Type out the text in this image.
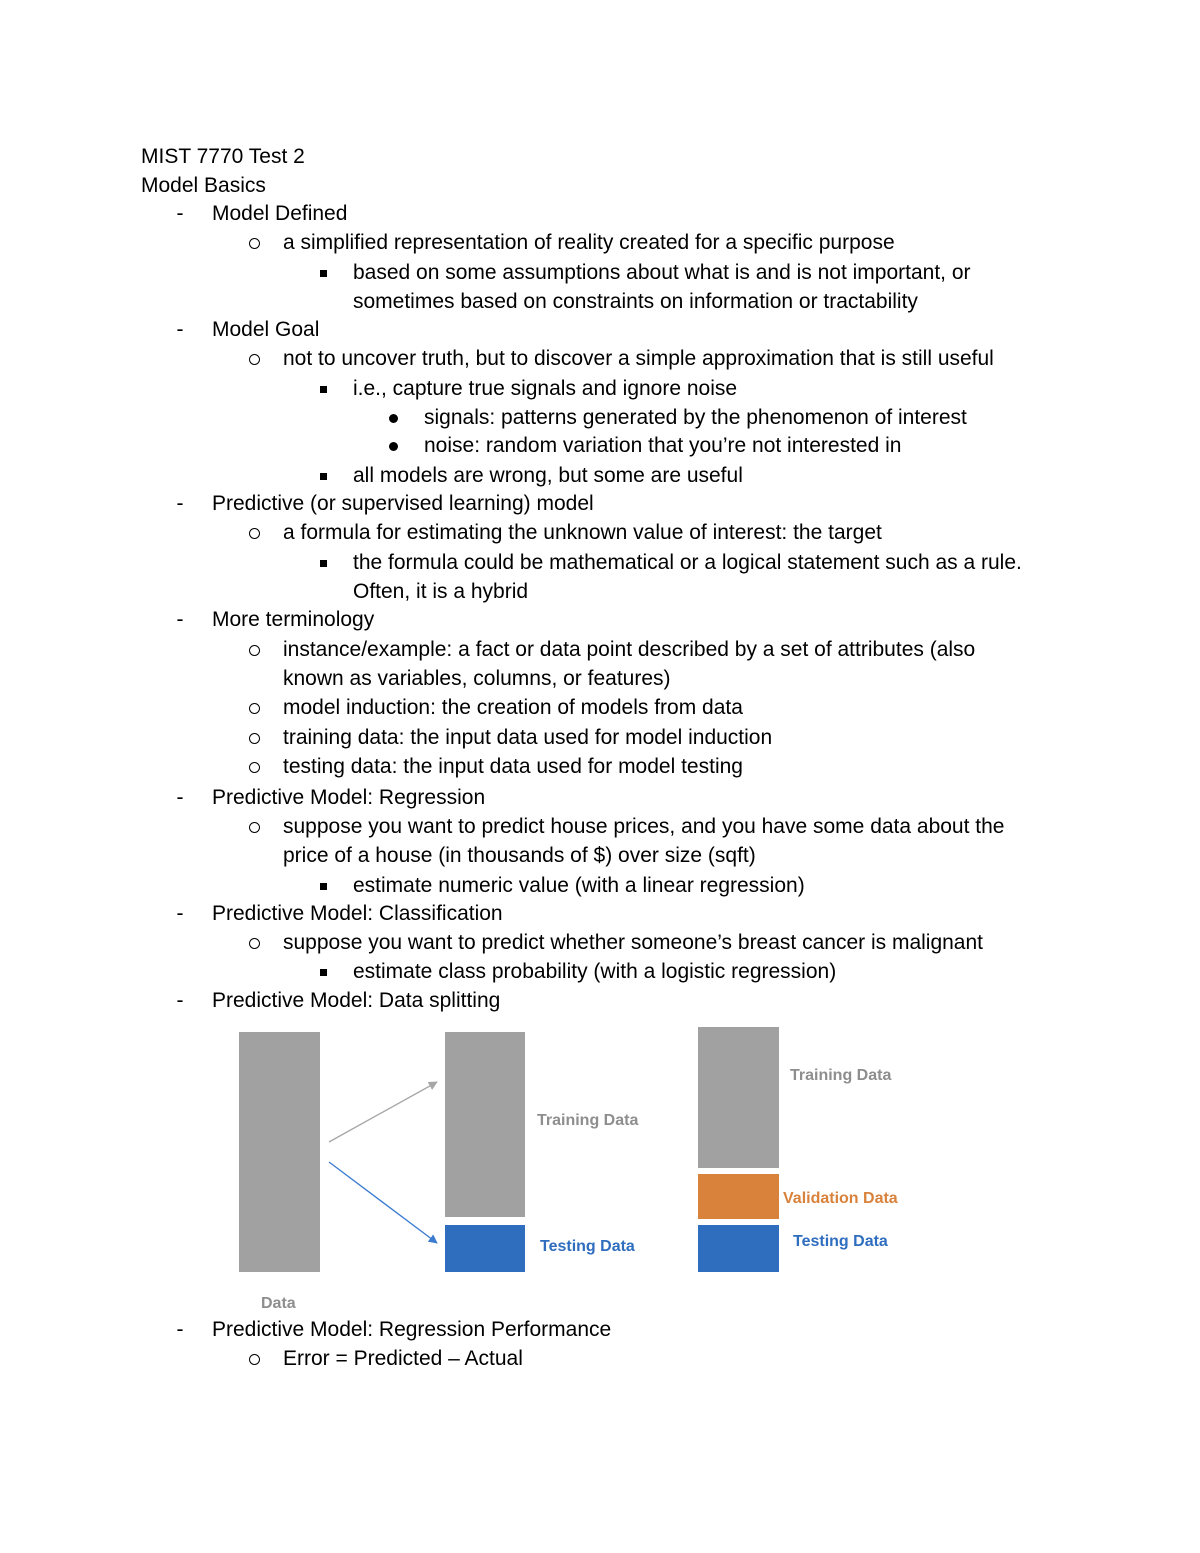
MIST 7770 Test 2
Model Basics
-	Model Defined
a simplified representation of reality created for a specific purpose
based on some assumptions about what is and is not important, or
sometimes based on constraints on information or tractability
-	Model Goal
not to uncover truth, but to discover a simple approximation that is still useful
i.e., capture true signals and ignore noise
signals: patterns generated by the phenomenon of interest
noise: random variation that you’re not interested in
all models are wrong, but some are useful
-	Predictive (or supervised learning) model
a formula for estimating the unknown value of interest: the target
the formula could be mathematical or a logical statement such as a rule.
Often, it is a hybrid
-	More terminology
instance/example: a fact or data point described by a set of attributes (also
known as variables, columns, or features)
model induction: the creation of models from data
training data: the input data used for model induction
testing data: the input data used for model testing
-	Predictive Model: Regression
suppose you want to predict house prices, and you have some data about the
price of a house (in thousands of $) over size (sqft)
estimate numeric value (with a linear regression)
-	Predictive Model: Classification
suppose you want to predict whether someone’s breast cancer is malignant
estimate class probability (with a logistic regression)
-	Predictive Model: Data splitting
Data
Training Data
Testing Data
Training Data
Validation Data
Testing Data
-	Predictive Model: Regression Performance
Error = Predicted – Actual
